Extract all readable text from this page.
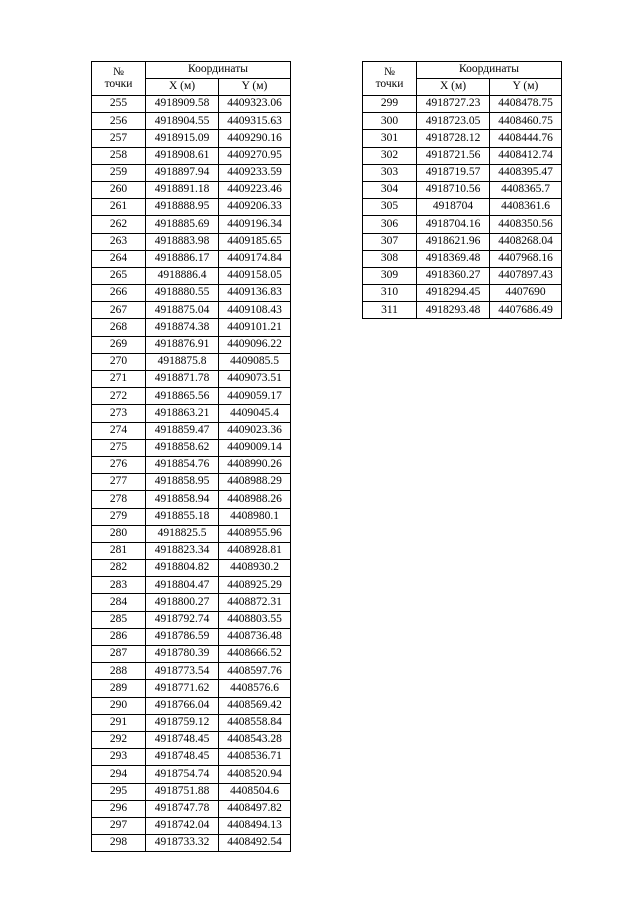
№
точки	Координаты	
	X (м)	Y (м)
255	4918909.58	4409323.06
256	4918904.55	4409315.63
257	4918915.09	4409290.16
258	4918908.61	4409270.95
259	4918897.94	4409233.59
260	4918891.18	4409223.46
261	4918888.95	4409206.33
262	4918885.69	4409196.34
263	4918883.98	4409185.65
264	4918886.17	4409174.84
265	4918886.4	4409158.05
266	4918880.55	4409136.83
267	4918875.04	4409108.43
268	4918874.38	4409101.21
269	4918876.91	4409096.22
270	4918875.8	4409085.5
271	4918871.78	4409073.51
272	4918865.56	4409059.17
273	4918863.21	4409045.4
274	4918859.47	4409023.36
275	4918858.62	4409009.14
276	4918854.76	4408990.26
277	4918858.95	4408988.29
278	4918858.94	4408988.26
279	4918855.18	4408980.1
280	4918825.5	4408955.96
281	4918823.34	4408928.81
282	4918804.82	4408930.2
283	4918804.47	4408925.29
284	4918800.27	4408872.31
285	4918792.74	4408803.55
286	4918786.59	4408736.48
287	4918780.39	4408666.52
288	4918773.54	4408597.76
289	4918771.62	4408576.6
290	4918766.04	4408569.42
291	4918759.12	4408558.84
292	4918748.45	4408543.28
293	4918748.45	4408536.71
294	4918754.74	4408520.94
295	4918751.88	4408504.6
296	4918747.78	4408497.82
297	4918742.04	4408494.13
298	4918733.32	4408492.54
№
точки	Координаты	
	X (м)	Y (м)
299	4918727.23	4408478.75
300	4918723.05	4408460.75
301	4918728.12	4408444.76
302	4918721.56	4408412.74
303	4918719.57	4408395.47
304	4918710.56	4408365.7
305	4918704	4408361.6
306	4918704.16	4408350.56
307	4918621.96	4408268.04
308	4918369.48	4407968.16
309	4918360.27	4407897.43
310	4918294.45	4407690
311	4918293.48	4407686.49
